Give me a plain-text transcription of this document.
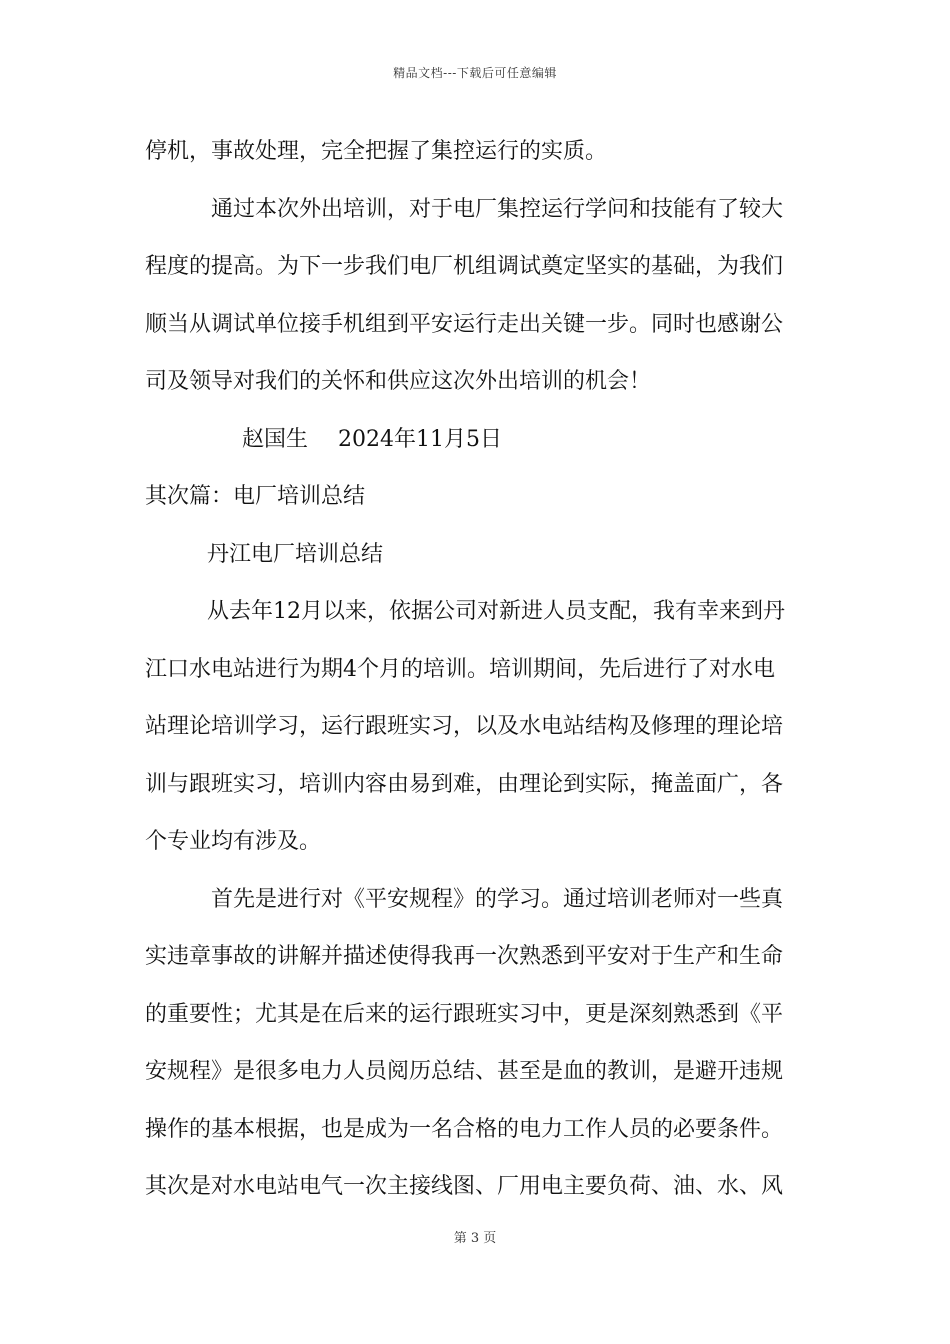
精品文档---下载后可任意编辑
停机，事故处理，完全把握了集控运行的实质。
通过本次外出培训，对于电厂集控运行学问和技能有了较大
程度的提高。为下一步我们电厂机组调试奠定坚实的基础，为我们
顺当从调试单位接手机组到平安运行走出关键一步。同时也感谢公
司及领导对我们的关怀和供应这次外出培训的机会！
赵国生 2024年11月5日
其次篇：电厂培训总结
丹江电厂培训总结
从去年12月以来，依据公司对新进人员支配，我有幸来到丹
江口水电站进行为期4个月的培训。培训期间，先后进行了对水电
站理论培训学习，运行跟班实习，以及水电站结构及修理的理论培
训与跟班实习，培训内容由易到难，由理论到实际，掩盖面广，各
个专业均有涉及。
首先是进行对《平安规程》的学习。通过培训老师对一些真
实违章事故的讲解并描述使得我再一次熟悉到平安对于生产和生命
的重要性；尤其是在后来的运行跟班实习中，更是深刻熟悉到《平
安规程》是很多电力人员阅历总结、甚至是血的教训，是避开违规
操作的基本根据，也是成为一名合格的电力工作人员的必要条件。
其次是对水电站电气一次主接线图、厂用电主要负荷、油、水、风
第 3 页
